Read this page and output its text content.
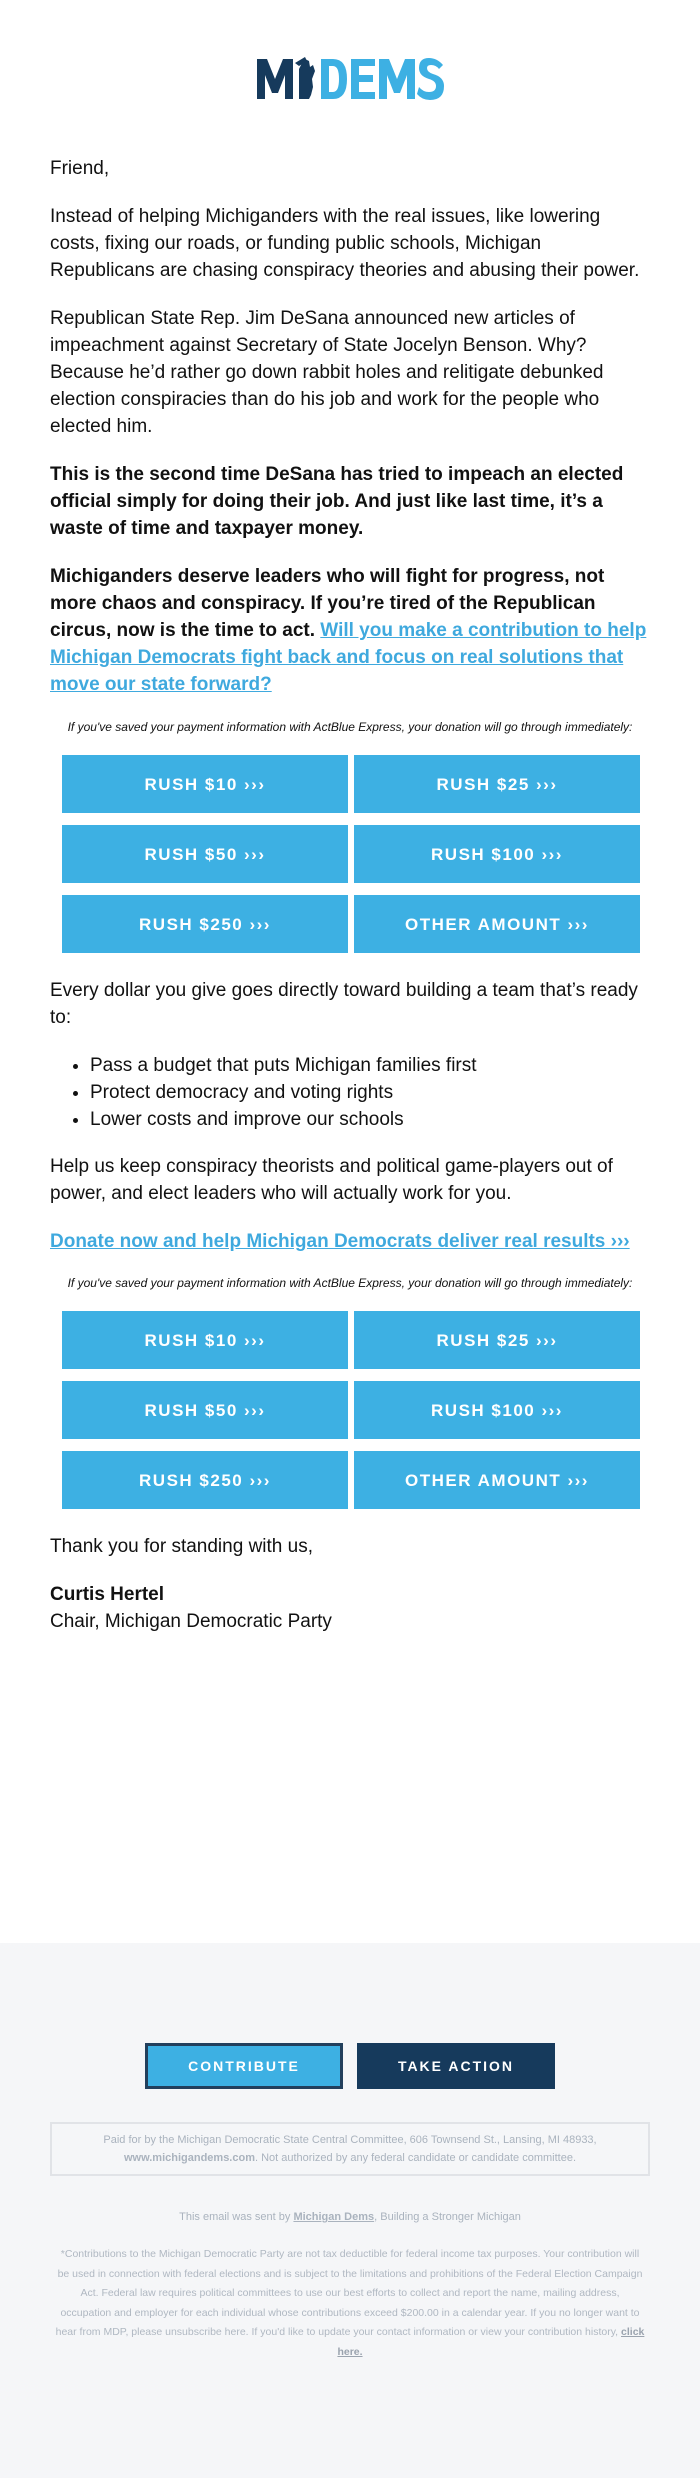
Friend,

Instead of helping Michiganders with the real issues, like lowering costs, fixing our roads, or funding public schools, Michigan Republicans are chasing conspiracy theories and abusing their power.

Republican State Rep. Jim DeSana announced new articles of impeachment against Secretary of State Jocelyn Benson. Why? Because he’d rather go down rabbit holes and relitigate debunked election conspiracies than do his job and work for the people who elected him.

This is the second time DeSana has tried to impeach an elected official simply for doing their job. And just like last time, it’s a waste of time and taxpayer money.

Michiganders deserve leaders who will fight for progress, not more chaos and conspiracy. If you’re tired of the Republican circus, now is the time to act. Will you make a contribution to help Michigan Democrats fight back and focus on real solutions that move our state forward?

If you've saved your payment information with ActBlue Express, your donation will go through immediately:
RUSH $10 ›››	RUSH $25 ›››
RUSH $50 ›››	RUSH $100 ›››
RUSH $250 ›››	OTHER AMOUNT ›››

Every dollar you give goes directly toward building a team that’s ready to:

• Pass a budget that puts Michigan families first
• Protect democracy and voting rights
• Lower costs and improve our schools

Help us keep conspiracy theorists and political game-players out of power, and elect leaders who will actually work for you.

Donate now and help Michigan Democrats deliver real results ›››
If you've saved your payment information with ActBlue Express, your donation will go through immediately:
RUSH $10 ›››	RUSH $25 ›››
RUSH $50 ›››	RUSH $100 ›››
RUSH $250 ›››	OTHER AMOUNT ›››

Thank you for standing with us,

Curtis Hertel

Chair, Michigan Democratic Party

CONTRIBUTE	TAKE ACTION
Paid for by the Michigan Democratic State Central Committee, 606 Townsend St., Lansing, MI 48933, www.michigandems.com. Not authorized by any federal candidate or candidate committee.
This email was sent by Michigan Dems, Building a Stronger Michigan
*Contributions to the Michigan Democratic Party are not tax deductible for federal income tax purposes. Your contribution will be used in connection with federal elections and is subject to the limitations and prohibitions of the Federal Election Campaign Act. Federal law requires political committees to use our best efforts to collect and report the name, mailing address, occupation and employer for each individual whose contributions exceed $200.00 in a calendar year. If you no longer want to hear from MDP, please unsubscribe here. If you'd like to update your contact information or view your contribution history, click here.
